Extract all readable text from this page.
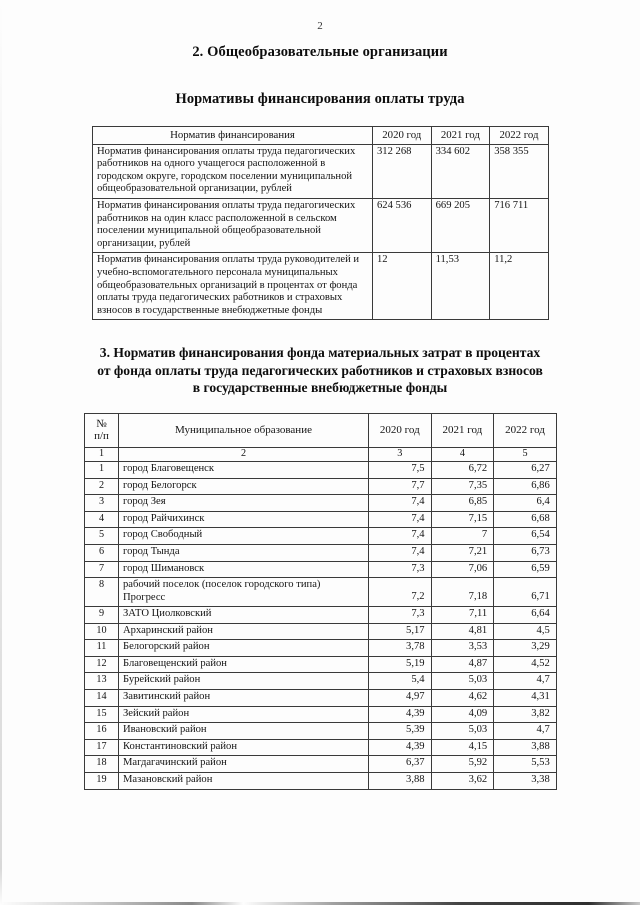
2
2. Общеобразовательные организации
Нормативы финансирования оплаты труда
Норматив финансирования	2020 год	2021 год	2022 год
Норматив финансирования оплаты труда педагогических работников на одного учащегося расположенной в городском округе, городском поселении муниципальной общеобразовательной организации, рублей	312 268	334 602	358 355
Норматив финансирования оплаты труда педагогических работников на один класс расположенной в сельском поселении муниципальной общеобразовательной организации, рублей	624 536	669 205	716 711
Норматив финансирования оплаты труда руководителей и учебно-вспомогательного персонала муниципальных общеобразовательных организаций в процентах от фонда оплаты труда педагогических работников и страховых взносов в государственные внебюджетные фонды	12	11,53	11,2
3. Норматив финансирования фонда материальных затрат в процентах
от фонда оплаты труда педагогических работников и страховых взносов
в государственные внебюджетные фонды
№
п/п	Муниципальное образование	2020 год	2021 год	2022 год
1	2	3	4	5
1	город Благовещенск	7,5	6,72	6,27
2	город Белогорск	7,7	7,35	6,86
3	город Зея	7,4	6,85	6,4
4	город Райчихинск	7,4	7,15	6,68
5	город Свободный	7,4	7	6,54
6	город Тында	7,4	7,21	6,73
7	город Шимановск	7,3	7,06	6,59
8	рабочий поселок (поселок городского типа) Прогресс	7,2	7,18	6,71
9	ЗАТО Циолковский	7,3	7,11	6,64
10	Архаринский район	5,17	4,81	4,5
11	Белогорский район	3,78	3,53	3,29
12	Благовещенский район	5,19	4,87	4,52
13	Бурейский район	5,4	5,03	4,7
14	Завитинский район	4,97	4,62	4,31
15	Зейский район	4,39	4,09	3,82
16	Ивановский район	5,39	5,03	4,7
17	Константиновский район	4,39	4,15	3,88
18	Магдагачинский район	6,37	5,92	5,53
19	Мазановский район	3,88	3,62	3,38
